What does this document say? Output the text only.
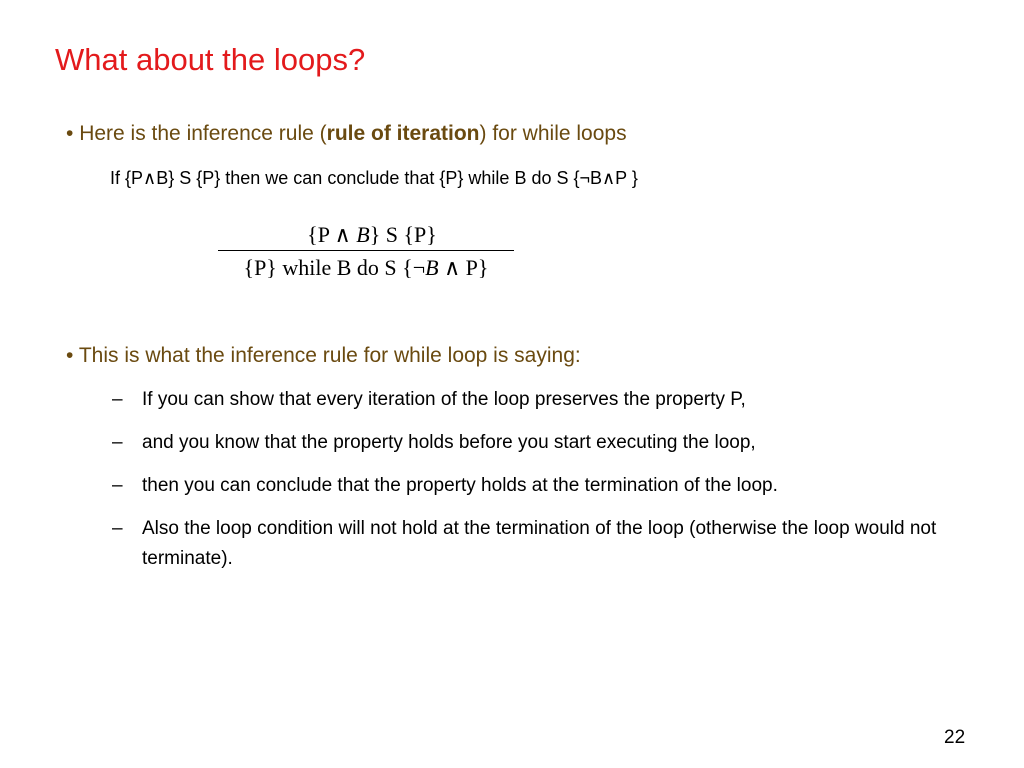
What about the loops?
• Here is the inference rule (rule of iteration) for while loops
If {P∧B} S {P} then we can conclude that {P} while B do S {¬B∧P }
{P ∧ B} S {P}
{P} while B do S {¬B ∧ P}
• This is what the inference rule for while loop is saying:
–	If you can show that every iteration of the loop preserves the property P,
–	and you know that the property holds before you start executing the loop,
–	then you can conclude that the property holds at the termination of the loop.
–	Also the loop condition will not hold at the termination of the loop (otherwise the loop would not terminate).
22
